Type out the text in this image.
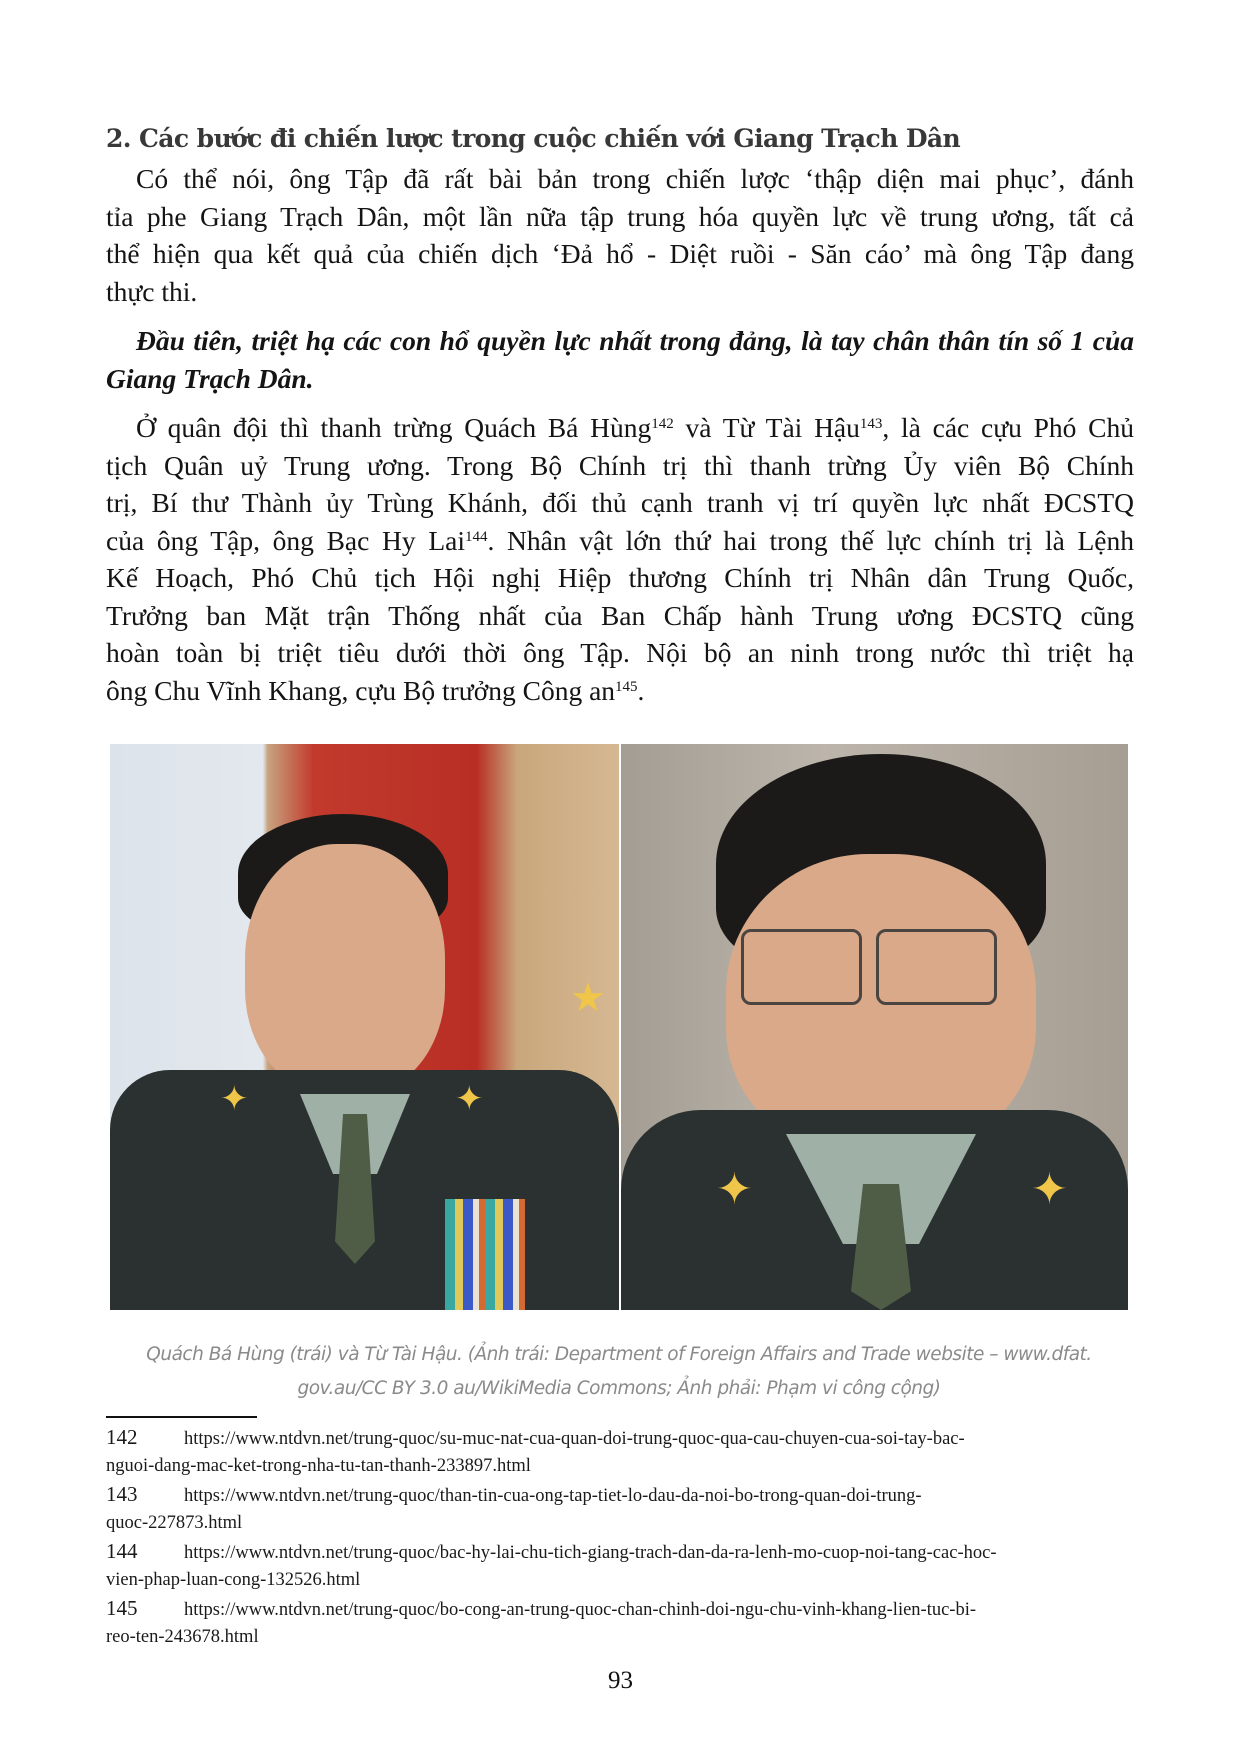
2. Các bước đi chiến lược trong cuộc chiến với Giang Trạch Dân
Có thể nói, ông Tập đã rất bài bản trong chiến lược ‘thập diện mai phục’, đánh
tỉa phe Giang Trạch Dân, một lần nữa tập trung hóa quyền lực về trung ương, tất cả
thể hiện qua kết quả của chiến dịch ‘Đả hổ - Diệt ruồi - Săn cáo’ mà ông Tập đang
thực thi.
Đầu tiên, triệt hạ các con hổ quyền lực nhất trong đảng, là tay chân thân tín số 1 của
Giang Trạch Dân.
Ở quân đội thì thanh trừng Quách Bá Hùng$^{142}$ và Từ Tài Hậu$^{143}$, là các cựu Phó Chủ
tịch Quân uỷ Trung ương. Trong Bộ Chính trị thì thanh trừng Ủy viên Bộ Chính
trị, Bí thư Thành ủy Trùng Khánh, đối thủ cạnh tranh vị trí quyền lực nhất ĐCSTQ
của ông Tập, ông Bạc Hy Lai$^{144}$. Nhân vật lớn thứ hai trong thế lực chính trị là Lệnh
Kế Hoạch, Phó Chủ tịch Hội nghị Hiệp thương Chính trị Nhân dân Trung Quốc,
Trưởng ban Mặt trận Thống nhất của Ban Chấp hành Trung ương ĐCSTQ cũng
hoàn toàn bị triệt tiêu dưới thời ông Tập. Nội bộ an ninh trong nước thì triệt hạ
ông Chu Vĩnh Khang, cựu Bộ trưởng Công $an^{145}$.
★
✦	✦
✦	✦
Quách Bá Hùng (trái) và Từ Tài Hậu. (Ảnh trái: Department of Foreign Affairs and Trade website – www.dfat.
gov.au/CC BY 3.0 au/WikiMedia Commons; Ảnh phải: Phạm vi công cộng)
142	https://www.ntdvn.net/trung-quoc/su-muc-nat-cua-quan-doi-trung-quoc-qua-cau-chuyen-cua-soi-tay-bac-
nguoi-dang-mac-ket-trong-nha-tu-tan-thanh-233897.html
143	https://www.ntdvn.net/trung-quoc/than-tin-cua-ong-tap-tiet-lo-dau-da-noi-bo-trong-quan-doi-trung-
quoc-227873.html
144	https://www.ntdvn.net/trung-quoc/bac-hy-lai-chu-tich-giang-trach-dan-da-ra-lenh-mo-cuop-noi-tang-cac-hoc-
vien-phap-luan-cong-132526.html
145	https://www.ntdvn.net/trung-quoc/bo-cong-an-trung-quoc-chan-chinh-doi-ngu-chu-vinh-khang-lien-tuc-bi-
reo-ten-243678.html
93
